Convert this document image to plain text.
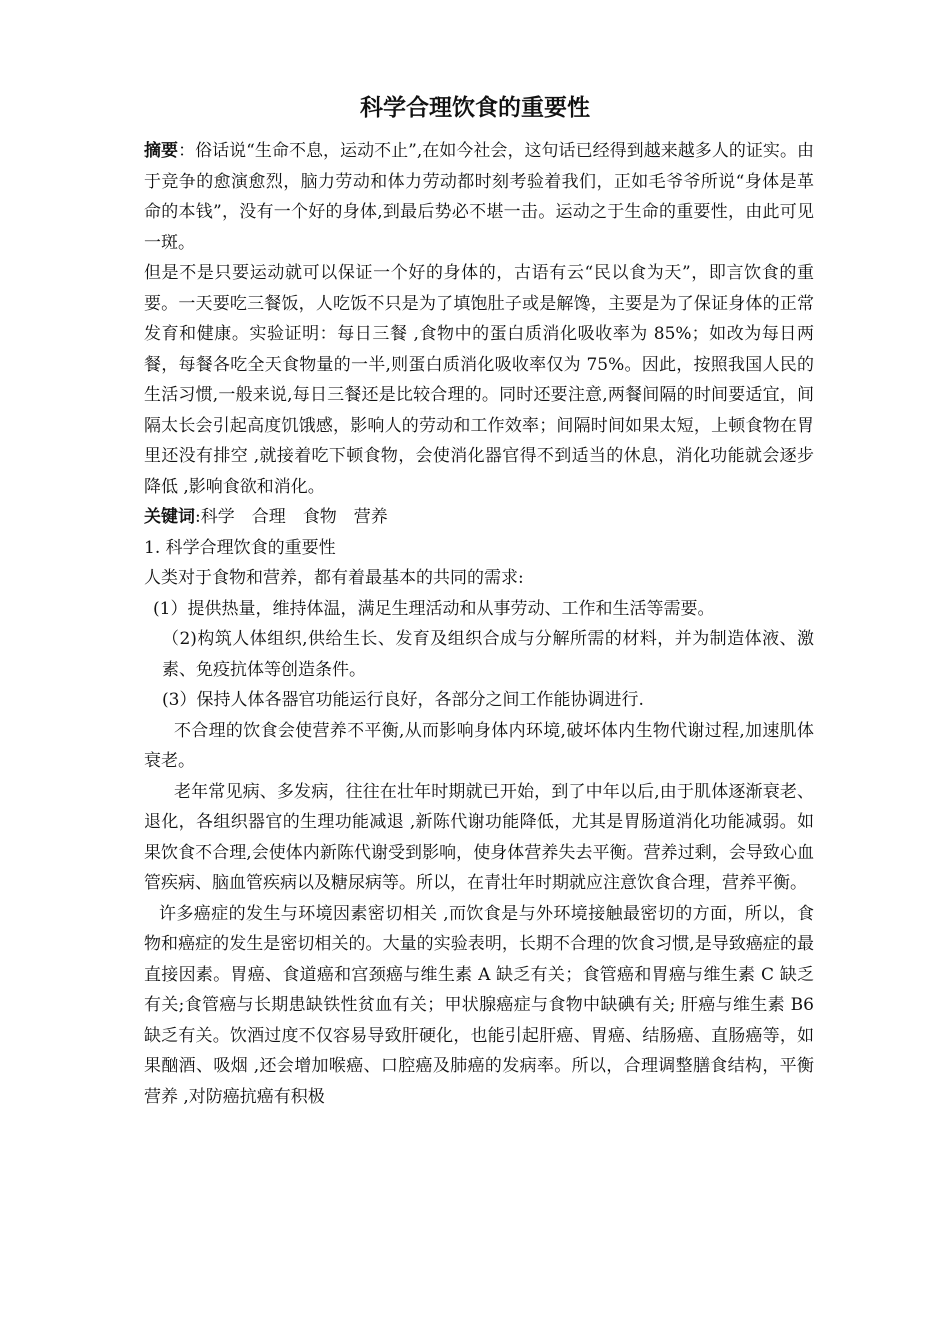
科学合理饮食的重要性

摘要：俗话说“生命不息，运动不止”,在如今社会，这句话已经得到越来越多人的证实。由于竞争的愈演愈烈，脑力劳动和体力劳动都时刻考验着我们，正如毛爷爷所说“身体是革命的本钱”，没有一个好的身体,到最后势必不堪一击。运动之于生命的重要性，由此可见一斑。

但是不是只要运动就可以保证一个好的身体的，古语有云“民以食为天”，即言饮食的重要。一天要吃三餐饭，人吃饭不只是为了填饱肚子或是解馋，主要是为了保证身体的正常发育和健康。实验证明：每日三餐 ,食物中的蛋白质消化吸收率为 85%；如改为每日两餐，每餐各吃全天食物量的一半,则蛋白质消化吸收率仅为 75%。因此，按照我国人民的生活习惯,一般来说,每日三餐还是比较合理的。同时还要注意,两餐间隔的时间要适宜，间隔太长会引起高度饥饿感，影响人的劳动和工作效率；间隔时间如果太短，上顿食物在胃里还没有排空 ,就接着吃下顿食物，会使消化器官得不到适当的休息，消化功能就会逐步降低 ,影响食欲和消化。

关键词:科学　合理　食物　营养

1. 科学合理饮食的重要性

人类对于食物和营养，都有着最基本的共同的需求:

(1）提供热量，维持体温，满足生理活动和从事劳动、工作和生活等需要。

（2)构筑人体组织,供给生长、发育及组织合成与分解所需的材料，并为制造体液、激素、免疫抗体等创造条件。

(3）保持人体各器官功能运行良好，各部分之间工作能协调进行.

不合理的饮食会使营养不平衡,从而影响身体内环境,破坏体内生物代谢过程,加速肌体衰老。

老年常见病、多发病，往往在壮年时期就已开始，到了中年以后,由于肌体逐渐衰老、退化，各组织器官的生理功能减退 ,新陈代谢功能降低，尤其是胃肠道消化功能减弱。如果饮食不合理,会使体内新陈代谢受到影响，使身体营养失去平衡。营养过剩，会导致心血管疾病、脑血管疾病以及糖尿病等。所以，在青壮年时期就应注意饮食合理，营养平衡。

许多癌症的发生与环境因素密切相关 ,而饮食是与外环境接触最密切的方面，所以，食物和癌症的发生是密切相关的。大量的实验表明，长期不合理的饮食习惯,是导致癌症的最直接因素。胃癌、食道癌和宫颈癌与维生素 A 缺乏有关；食管癌和胃癌与维生素 C 缺乏有关;食管癌与长期患缺铁性贫血有关；甲状腺癌症与食物中缺碘有关; 肝癌与维生素 B6 缺乏有关。饮酒过度不仅容易导致肝硬化，也能引起肝癌、胃癌、结肠癌、直肠癌等，如果酗酒、吸烟 ,还会增加喉癌、口腔癌及肺癌的发病率。所以，合理调整膳食结构，平衡营养 ,对防癌抗癌有积极
